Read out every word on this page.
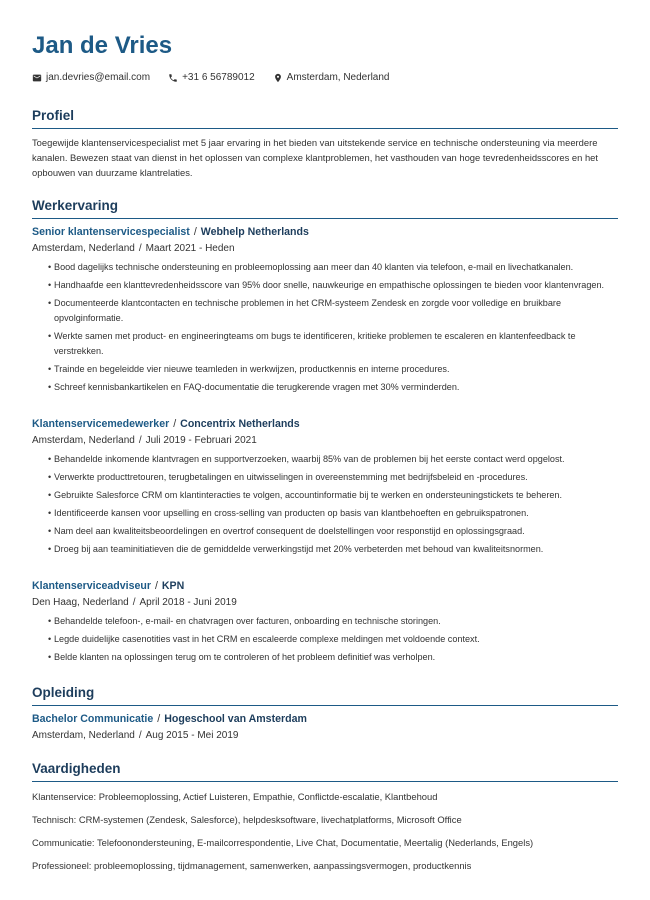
Jan de Vries
jan.devries@email.com	+31 6 56789012	Amsterdam, Nederland
Profiel

Toegewijde klantenservicespecialist met 5 jaar ervaring in het bieden van uitstekende service en technische ondersteuning via meerdere kanalen. Bewezen staat van dienst in het oplossen van complexe klantproblemen, het vasthouden van hoge tevredenheidsscores en het opbouwen van duurzame klantrelaties.

Werkervaring
Senior klantenservicespecialist / Webhelp Netherlands
Amsterdam, Nederland / Maart 2021 - Heden
• Bood dagelijks technische ondersteuning en probleemoplossing aan meer dan 40 klanten via telefoon, e-mail en livechatkanalen.
• Handhaafde een klanttevredenheidsscore van 95% door snelle, nauwkeurige en empathische oplossingen te bieden voor klantenvragen.
• Documenteerde klantcontacten en technische problemen in het CRM-systeem Zendesk en zorgde voor volledige en bruikbare opvolginformatie.
• Werkte samen met product- en engineeringteams om bugs te identificeren, kritieke problemen te escaleren en klantenfeedback te verstrekken.
• Trainde en begeleidde vier nieuwe teamleden in werkwijzen, productkennis en interne procedures.
• Schreef kennisbankartikelen en FAQ-documentatie die terugkerende vragen met 30% verminderden.
Klantenservicemedewerker / Concentrix Netherlands
Amsterdam, Nederland / Juli 2019 - Februari 2021
• Behandelde inkomende klantvragen en supportverzoeken, waarbij 85% van de problemen bij het eerste contact werd opgelost.
• Verwerkte producttretouren, terugbetalingen en uitwisselingen in overeenstemming met bedrijfsbeleid en -procedures.
• Gebruikte Salesforce CRM om klantinteracties te volgen, accountinformatie bij te werken en ondersteuningstickets te beheren.
• Identificeerde kansen voor upselling en cross-selling van producten op basis van klantbehoeften en gebruikspatronen.
• Nam deel aan kwaliteitsbeoordelingen en overtrof consequent de doelstellingen voor responstijd en oplossingsgraad.
• Droeg bij aan teaminitiatieven die de gemiddelde verwerkingstijd met 20% verbeterden met behoud van kwaliteitsnormen.
Klantenserviceadviseur / KPN
Den Haag, Nederland / April 2018 - Juni 2019
• Behandelde telefoon-, e-mail- en chatvragen over facturen, onboarding en technische storingen.
• Legde duidelijke casenotities vast in het CRM en escaleerde complexe meldingen met voldoende context.
• Belde klanten na oplossingen terug om te controleren of het probleem definitief was verholpen.
Opleiding
Bachelor Communicatie / Hogeschool van Amsterdam
Amsterdam, Nederland / Aug 2015 - Mei 2019
Vaardigheden

Klantenservice: Probleemoplossing, Actief Luisteren, Empathie, Conflictde-escalatie, Klantbehoud

Technisch: CRM-systemen (Zendesk, Salesforce), helpdesksoftware, livechatplatforms, Microsoft Office

Communicatie: Telefoonondersteuning, E-mailcorrespondentie, Live Chat, Documentatie, Meertalig (Nederlands, Engels)

Professioneel: probleemoplossing, tijdmanagement, samenwerken, aanpassingsvermogen, productkennis
